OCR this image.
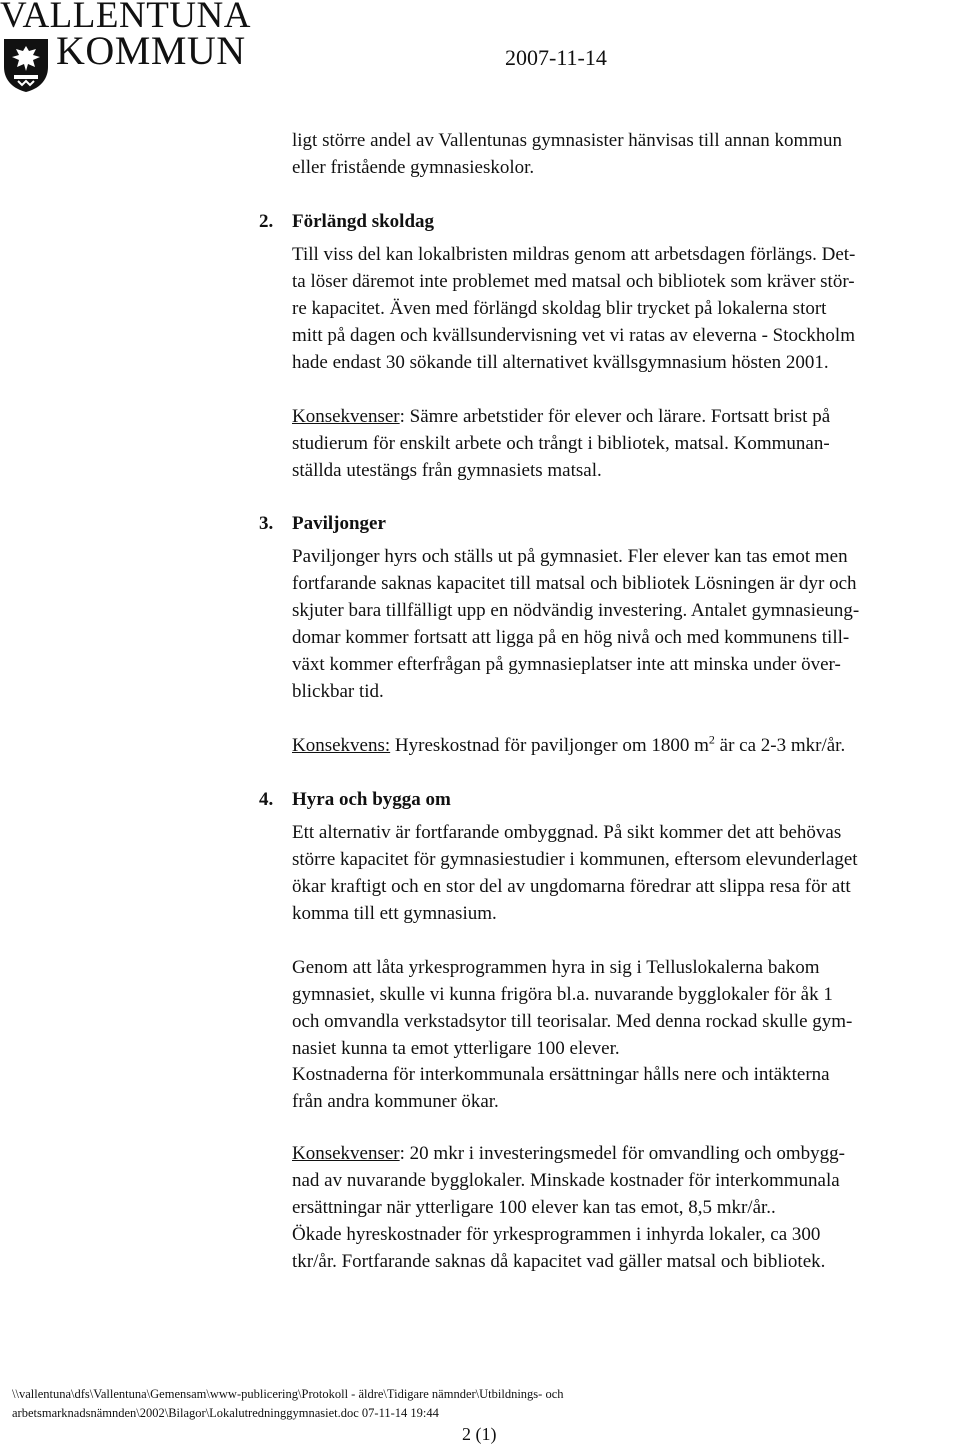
VALLENTUNA
KOMMUN	2007-11-14
ligt större andel av Vallentunas gymnasister hänvisas till annan kommun
eller fristående gymnasieskolor.
2. Förlängd skoldag
Till viss del kan lokalbristen mildras genom att arbetsdagen förlängs. Det-
ta löser däremot inte problemet med matsal och bibliotek som kräver stör-
re kapacitet. Även med förlängd skoldag blir trycket på lokalerna stort
mitt på dagen och kvällsundervisning vet vi ratas av eleverna - Stockholm
hade endast 30 sökande till alternativet kvällsgymnasium hösten 2001.
Konsekvenser: Sämre arbetstider för elever och lärare. Fortsatt brist på
studierum för enskilt arbete och trångt i bibliotek, matsal. Kommunan-
ställda utestängs från gymnasiets matsal.
3. Paviljonger
Paviljonger hyrs och ställs ut på gymnasiet. Fler elever kan tas emot men
fortfarande saknas kapacitet till matsal och bibliotek Lösningen är dyr och
skjuter bara tillfälligt upp en nödvändig investering. Antalet gymnasieung-
domar kommer fortsatt att ligga på en hög nivå och med kommunens till-
växt kommer efterfrågan på gymnasieplatser inte att minska under över-
blickbar tid.
Konsekvens: Hyreskostnad för paviljonger om 1800 $m^2$ är ca 2-3 mkr/år.
4. Hyra och bygga om
Ett alternativ är fortfarande ombyggnad. På sikt kommer det att behövas
större kapacitet för gymnasiestudier i kommunen, eftersom elevunderlaget
ökar kraftigt och en stor del av ungdomarna föredrar att slippa resa för att
komma till ett gymnasium.
Genom att låta yrkesprogrammen hyra in sig i Telluslokalerna bakom
gymnasiet, skulle vi kunna frigöra bl.a. nuvarande bygglokaler för åk 1
och omvandla verkstadsytor till teorisalar. Med denna rockad skulle gym-
nasiet kunna ta emot ytterligare 100 elever.
Kostnaderna för interkommunala ersättningar hålls nere och intäkterna
från andra kommuner ökar.
Konsekvenser: 20 mkr i investeringsmedel för omvandling och ombygg-
nad av nuvarande bygglokaler. Minskade kostnader för interkommunala
ersättningar när ytterligare 100 elever kan tas emot, 8,5 mkr/år..
Ökade hyreskostnader för yrkesprogrammen i inhyrda lokaler, ca 300
tkr/år. Fortfarande saknas då kapacitet vad gäller matsal och bibliotek.
\\vallentuna\dfs\Vallentuna\Gemensam\www-publicering\Protokoll - äldre\Tidigare nämnder\Utbildnings- och
arbetsmarknadsnämnden\2002\Bilagor\Lokalutredninggymnasiet.doc 07-11-14 19:44
2 (1)
